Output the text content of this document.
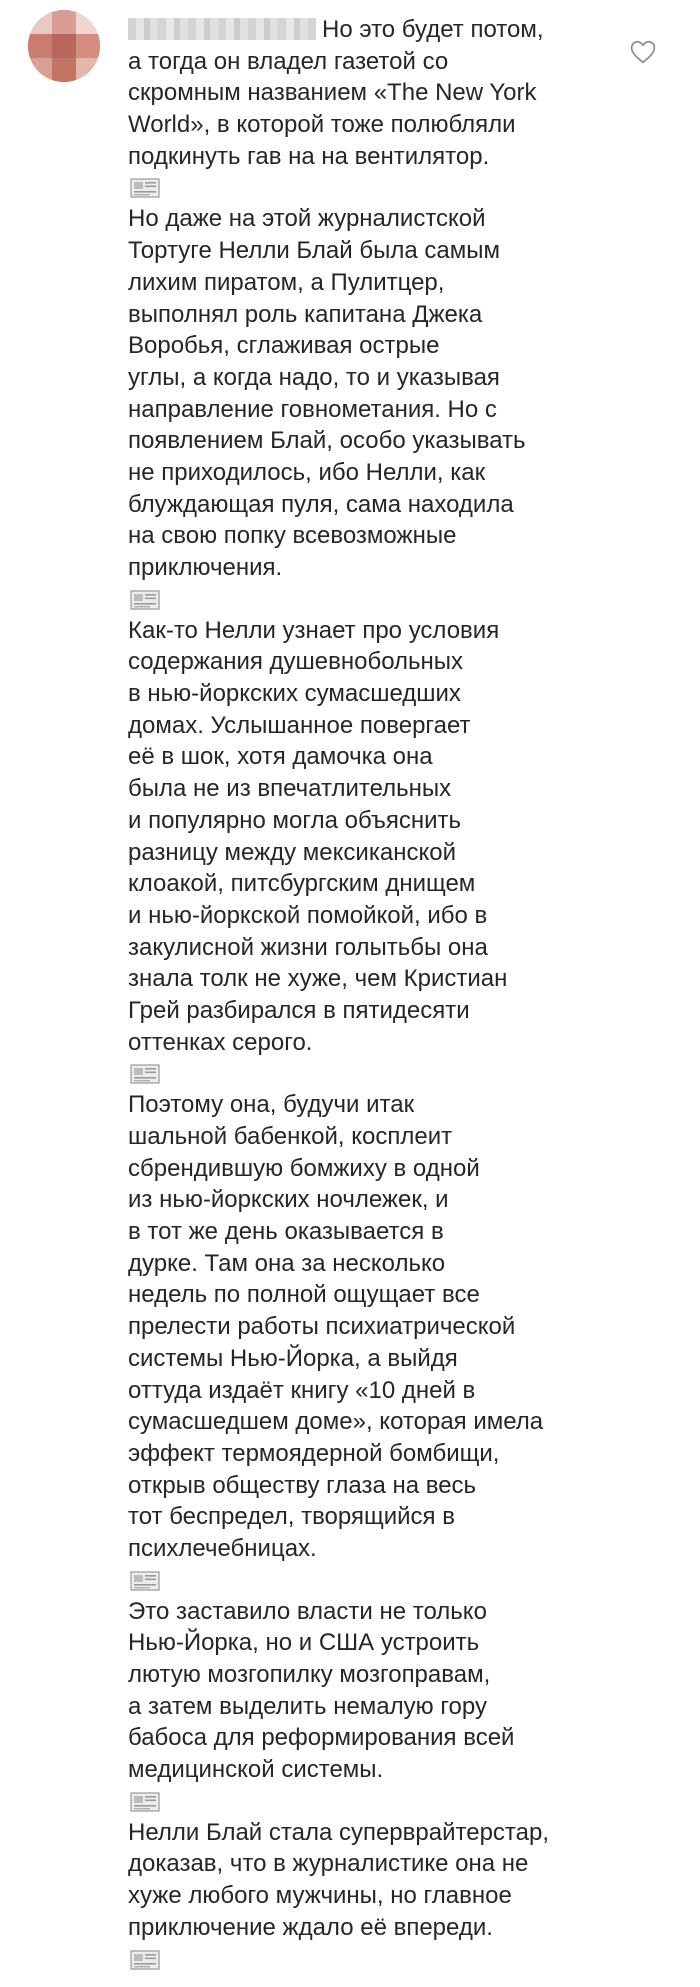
Но это будет потом,
а тогда он владел газетой со
скромным названием «The New York
World», в которой тоже полюбляли
подкинуть гав на на вентилятор.
Но даже на этой журналистской
Тортуге Нелли Блай была самым
лихим пиратом, а Пулитцер,
выполнял роль капитана Джека
Воробья, сглаживая острые
углы, а когда надо, то и указывая
направление говнометания. Но с
появлением Блай, особо указывать
не приходилось, ибо Нелли, как
блуждающая пуля, сама находила
на свою попку всевозможные
приключения.
Как-то Нелли узнает про условия
содержания душевнобольных
в нью-йоркских сумасшедших
домах. Услышанное повергает
её в шок, хотя дамочка она
была не из впечатлительных
и популярно могла объяснить
разницу между мексиканской
клоакой, питсбургским днищем
и нью-йоркской помойкой, ибо в
закулисной жизни голытьбы она
знала толк не хуже, чем Кристиан
Грей разбирался в пятидесяти
оттенках серого.
Поэтому она, будучи итак
шальной бабенкой, косплеит
сбрендившую бомжиху в одной
из нью-йоркских ночлежек, и
в тот же день оказывается в
дурке. Там она за несколько
недель по полной ощущает все
прелести работы психиатрической
системы Нью-Йорка, а выйдя
оттуда издаёт книгу «10 дней в
сумасшедшем доме», которая имела
эффект термоядерной бомбищи,
открыв обществу глаза на весь
тот беспредел, творящийся в
психлечебницах.
Это заставило власти не только
Нью-Йорка, но и США устроить
лютую мозгопилку мозгоправам,
а затем выделить немалую гору
бабоса для реформирования всей
медицинской системы.
Нелли Блай стала суперврайтерстар,
доказав, что в журналистике она не
хуже любого мужчины, но главное
приключение ждало её впереди.
